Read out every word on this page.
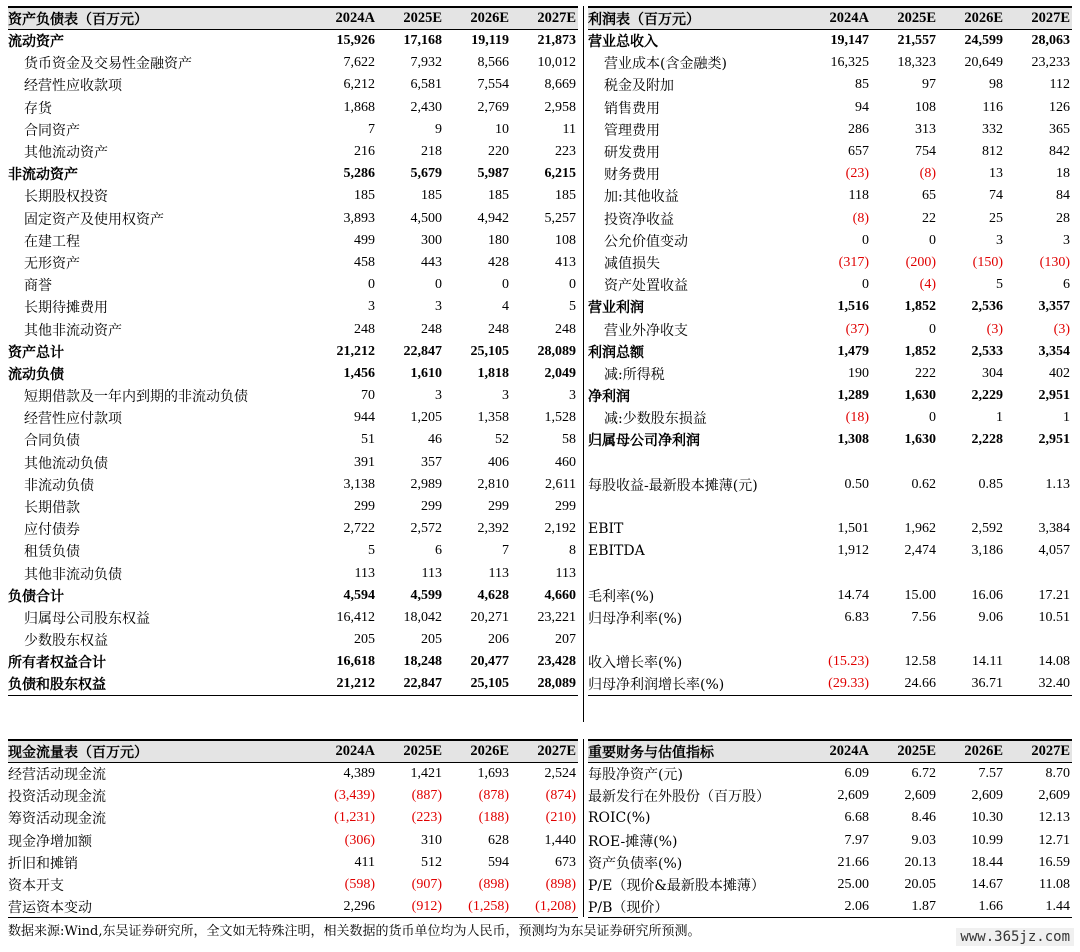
资产负债表（百万元）	2024A	2025E	2026E	2027E
流动资产	15,926	17,168	19,119	21,873
货币资金及交易性金融资产	7,622	7,932	8,566	10,012
经营性应收款项	6,212	6,581	7,554	8,669
存货	1,868	2,430	2,769	2,958
合同资产	7	9	10	11
其他流动资产	216	218	220	223
非流动资产	5,286	5,679	5,987	6,215
长期股权投资	185	185	185	185
固定资产及使用权资产	3,893	4,500	4,942	5,257
在建工程	499	300	180	108
无形资产	458	443	428	413
商誉	0	0	0	0
长期待摊费用	3	3	4	5
其他非流动资产	248	248	248	248
资产总计	21,212	22,847	25,105	28,089
流动负债	1,456	1,610	1,818	2,049
短期借款及一年内到期的非流动负债	70	3	3	3
经营性应付款项	944	1,205	1,358	1,528
合同负债	51	46	52	58
其他流动负债	391	357	406	460
非流动负债	3,138	2,989	2,810	2,611
长期借款	299	299	299	299
应付债券	2,722	2,572	2,392	2,192
租赁负债	5	6	7	8
其他非流动负债	113	113	113	113
负债合计	4,594	4,599	4,628	4,660
归属母公司股东权益	16,412	18,042	20,271	23,221
少数股东权益	205	205	206	207
所有者权益合计	16,618	18,248	20,477	23,428
负债和股东权益	21,212	22,847	25,105	28,089
利润表（百万元）	2024A	2025E	2026E	2027E
营业总收入	19,147	21,557	24,599	28,063
营业成本(含金融类)	16,325	18,323	20,649	23,233
税金及附加	85	97	98	112
销售费用	94	108	116	126
管理费用	286	313	332	365
研发费用	657	754	812	842
财务费用	(23)	(8)	13	18
加:其他收益	118	65	74	84
投资净收益	(8)	22	25	28
公允价值变动	0	0	3	3
减值损失	(317)	(200)	(150)	(130)
资产处置收益	0	(4)	5	6
营业利润	1,516	1,852	2,536	3,357
营业外净收支	(37)	0	(3)	(3)
利润总额	1,479	1,852	2,533	3,354
减:所得税	190	222	304	402
净利润	1,289	1,630	2,229	2,951
减:少数股东损益	(18)	0	1	1
归属母公司净利润	1,308	1,630	2,228	2,951
每股收益-最新股本摊薄(元)	0.50	0.62	0.85	1.13
EBIT	1,501	1,962	2,592	3,384
EBITDA	1,912	2,474	3,186	4,057
毛利率(%)	14.74	15.00	16.06	17.21
归母净利率(%)	6.83	7.56	9.06	10.51
收入增长率(%)	(15.23)	12.58	14.11	14.08
归母净利润增长率(%)	(29.33)	24.66	36.71	32.40
现金流量表（百万元）	2024A	2025E	2026E	2027E
经营活动现金流	4,389	1,421	1,693	2,524
投资活动现金流	(3,439)	(887)	(878)	(874)
筹资活动现金流	(1,231)	(223)	(188)	(210)
现金净增加额	(306)	310	628	1,440
折旧和摊销	411	512	594	673
资本开支	(598)	(907)	(898)	(898)
营运资本变动	2,296	(912)	(1,258)	(1,208)
重要财务与估值指标	2024A	2025E	2026E	2027E
每股净资产(元)	6.09	6.72	7.57	8.70
最新发行在外股份（百万股）	2,609	2,609	2,609	2,609
ROIC(%)	6.68	8.46	10.30	12.13
ROE-摊薄(%)	7.97	9.03	10.99	12.71
资产负债率(%)	21.66	20.13	18.44	16.59
P/E（现价&最新股本摊薄）	25.00	20.05	14.67	11.08
P/B（现价）	2.06	1.87	1.66	1.44
数据来源:Wind,东吴证券研究所，全文如无特殊注明，相关数据的货币单位均为人民币，预测均为东吴证券研究所预测。	www.365jz.com
